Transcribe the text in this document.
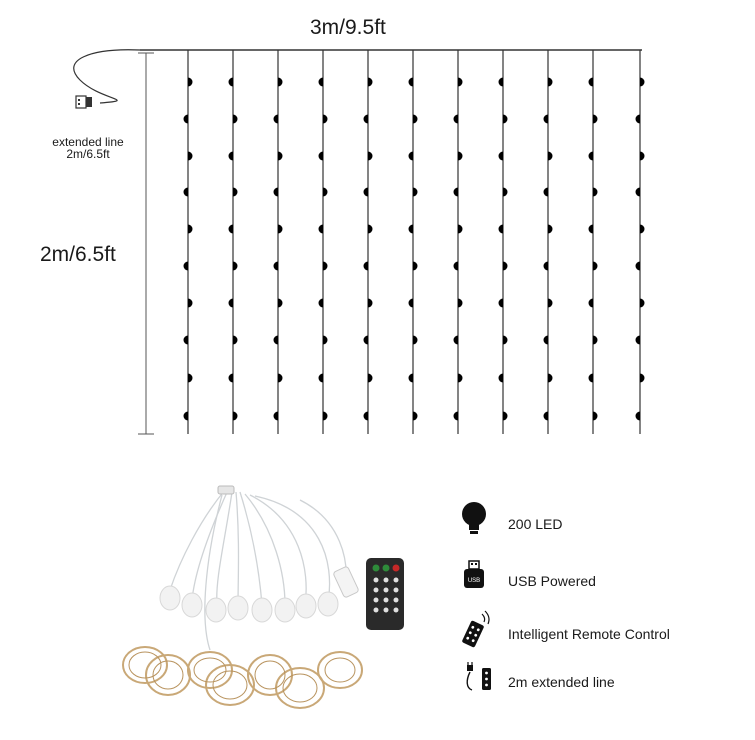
3m/9.5ft
2m/6.5ft
extended line
2m/6.5ft
USB
200 LED
USB Powered
Intelligent Remote Control
2m extended line
